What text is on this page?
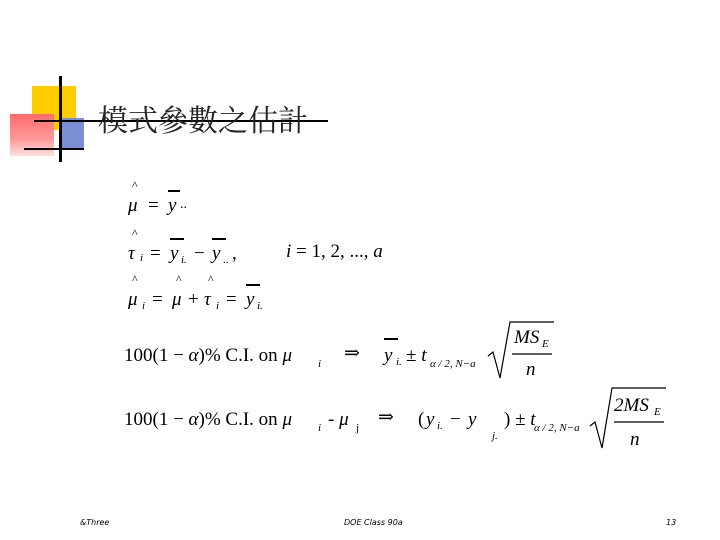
模式參數之估計
^
μ = y ..
^
τ i = y i. − y .. ,	i = 1, 2, ..., a
^
μ i =
^
μ +
^
τ i = y i.
100(1 − α)% C.I. on μ i ⇒ y i. ± t α / 2, N−a
MS E
n
100(1 − α)% C.I. on μ i - μ j ⇒ ( y i. − y
j.
) ± t
α / 2, N−a
2MS E
n
&Three	DOE Class 90a	13
